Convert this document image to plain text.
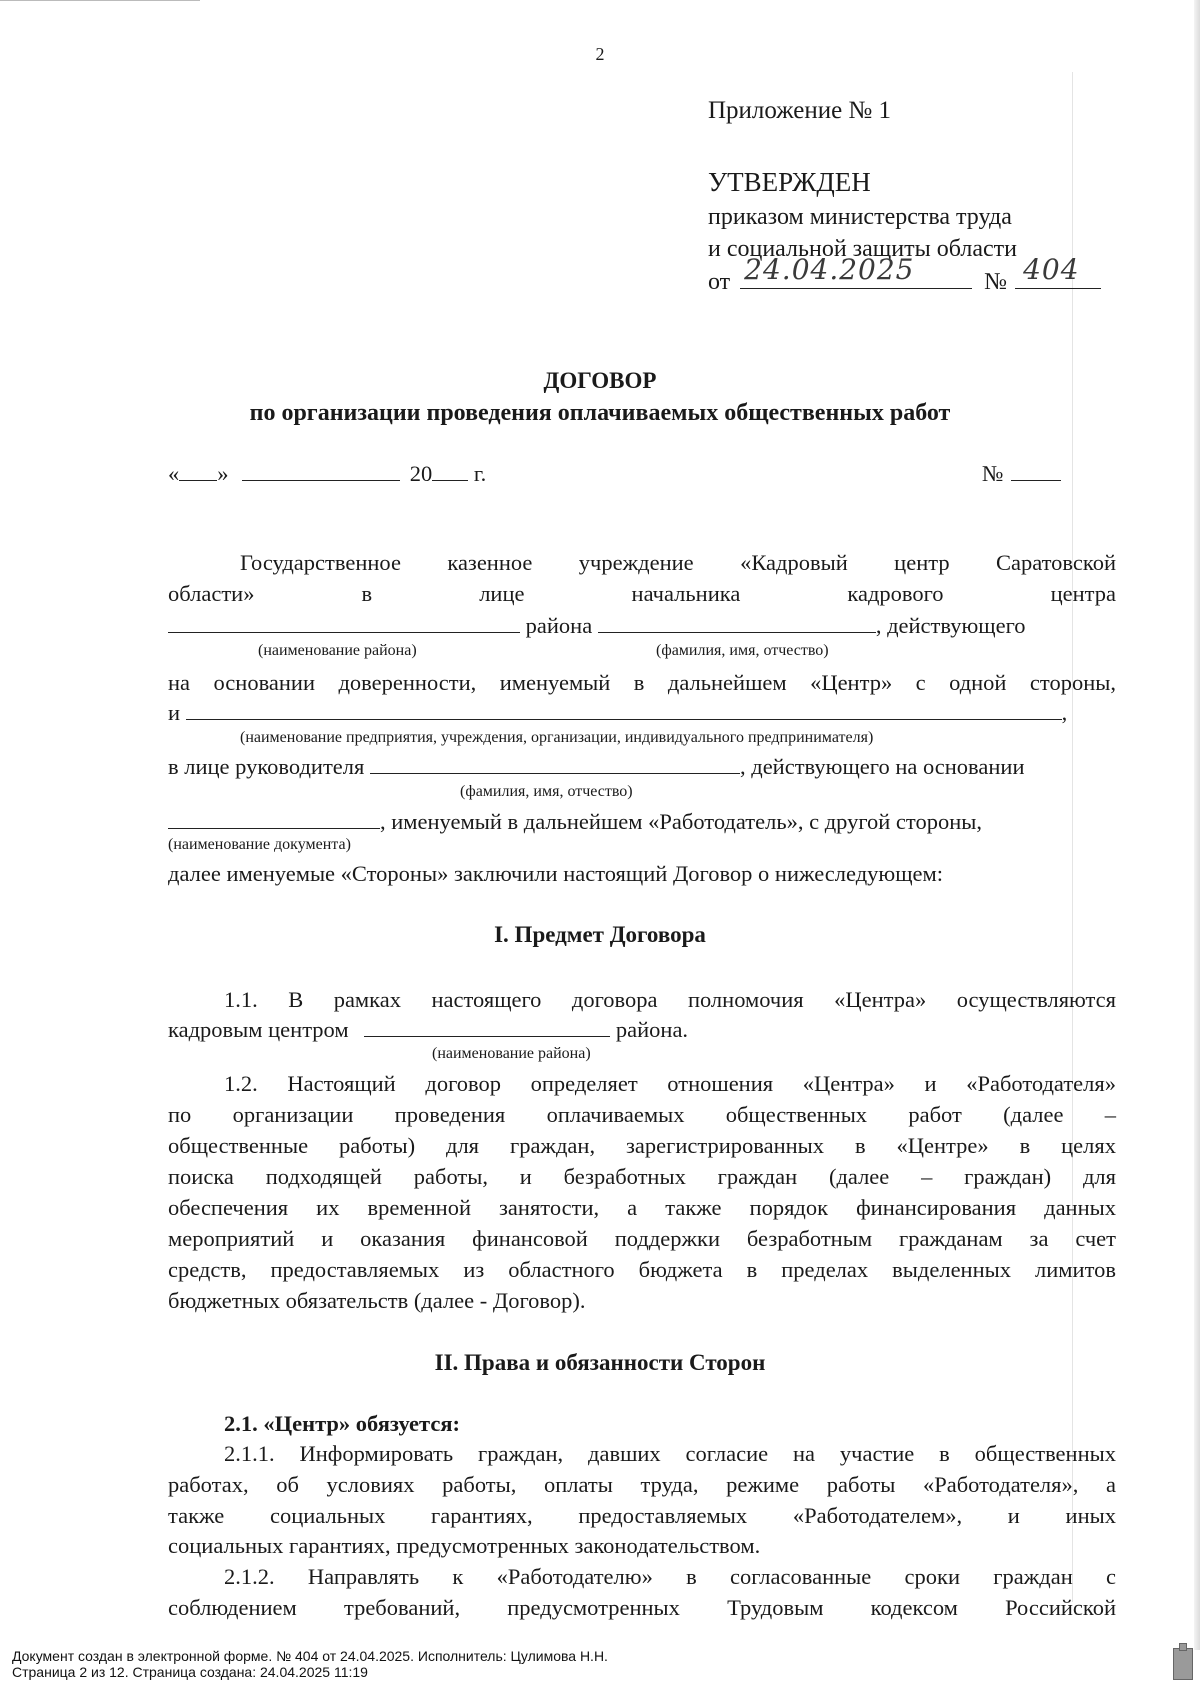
2
Приложение № 1
УТВЕРЖДЕН
приказом министерства труда
и социальной защиты области
от 24.04.2025	№ 404
ДОГОВОР
по организации проведения оплачиваемых общественных работ
« »	20 г.	№
Государственное казенное учреждение «Кадровый центр Саратовской
области» в лице начальника кадрового центра
района	, действующего
(наименование района)	(фамилия, имя, отчество)
на основании доверенности, именуемый в дальнейшем «Центр» с одной стороны,
и	,
(наименование предприятия, учреждения, организации, индивидуального предпринимателя)
в лице руководителя	, действующего на основании
(фамилия, имя, отчество)
, именуемый в дальнейшем «Работодатель», с другой стороны,
(наименование документа)
далее именуемые «Стороны» заключили настоящий Договор о нижеследующем:
I. Предмет Договора
1.1. В рамках настоящего договора полномочия «Центра» осуществляются
кадровым центром	района.
(наименование района)
1.2. Настоящий договор определяет отношения «Центра» и «Работодателя»
по организации проведения оплачиваемых общественных работ (далее –
общественные работы) для граждан, зарегистрированных в «Центре» в целях
поиска подходящей работы, и безработных граждан (далее – граждан) для
обеспечения их временной занятости, а также порядок финансирования данных
мероприятий и оказания финансовой поддержки безработным гражданам за счет
средств, предоставляемых из областного бюджета в пределах выделенных лимитов
бюджетных обязательств (далее - Договор).
II. Права и обязанности Сторон
2.1. «Центр» обязуется:
2.1.1. Информировать граждан, давших согласие на участие в общественных
работах, об условиях работы, оплаты труда, режиме работы «Работодателя», а
также социальных гарантиях, предоставляемых «Работодателем», и иных
социальных гарантиях, предусмотренных законодательством.
2.1.2. Направлять к «Работодателю» в согласованные сроки граждан с
соблюдением требований, предусмотренных Трудовым кодексом Российской
Документ создан в электронной форме. № 404 от 24.04.2025. Исполнитель: Цулимова Н.Н.
Страница 2 из 12. Страница создана: 24.04.2025 11:19
